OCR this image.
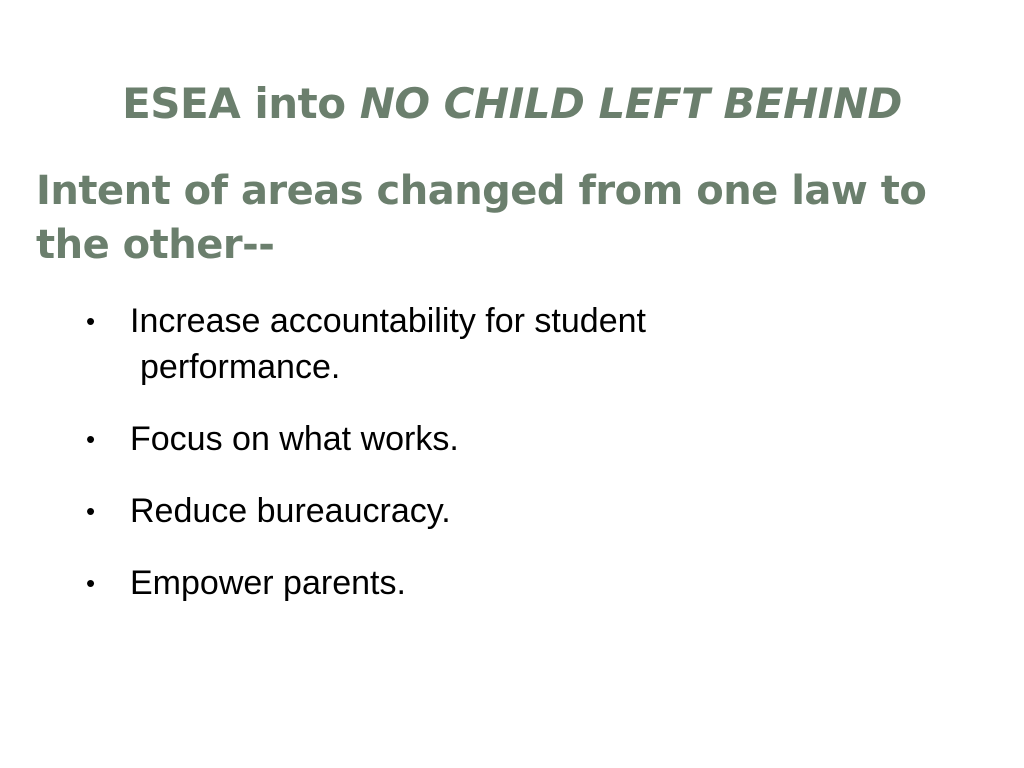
ESEA into NO CHILD LEFT BEHIND
Intent of areas changed from one law to the other--
• Increase accountability for student
performance.
• Focus on what works.
• Reduce bureaucracy.
• Empower parents.
